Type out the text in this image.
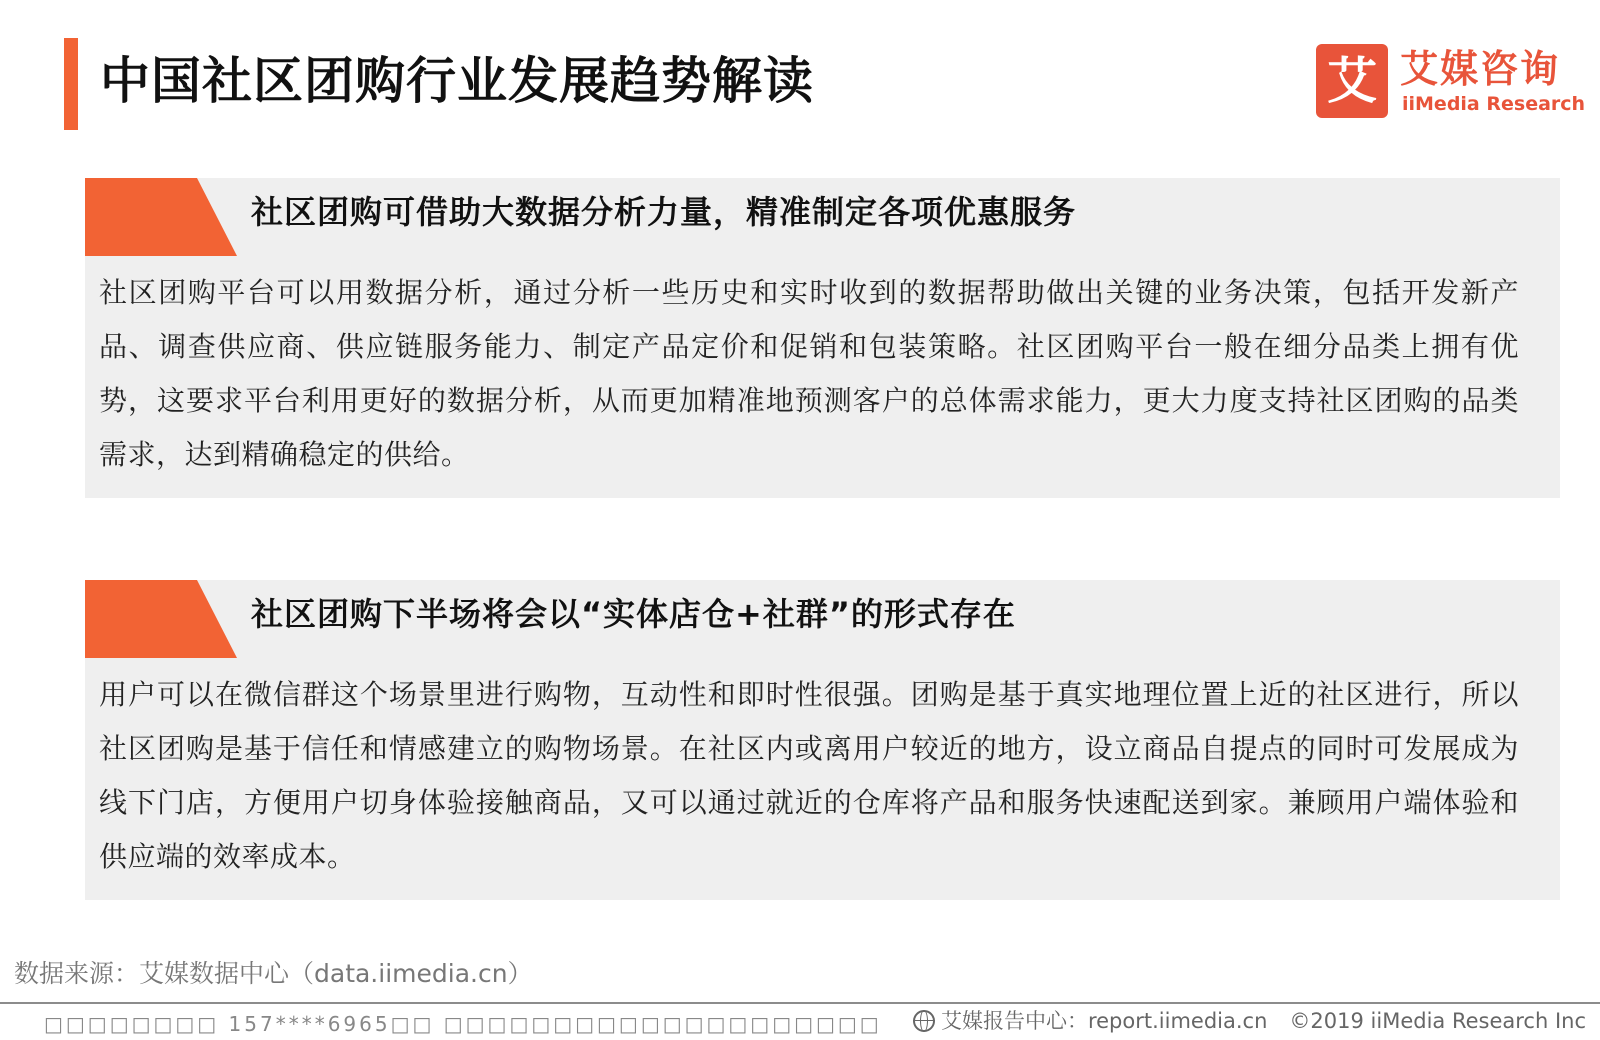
中国社区团购行业发展趋势解读	艾 艾媒咨询
iiMedia Research
社区团购可借助大数据分析力量，精准制定各项优惠服务
社区团购平台可以用数据分析，通过分析一些历史和实时收到的数据帮助做出关键的业务决策，包括开发新产品、调查供应商、供应链服务能力、制定产品定价和促销和包装策略。社区团购平台一般在细分品类上拥有优势，这要求平台利用更好的数据分析，从而更加精准地预测客户的总体需求能力，更大力度支持社区团购的品类需求，达到精确稳定的供给。
社区团购下半场将会以“实体店仓+社群”的形式存在
用户可以在微信群这个场景里进行购物，互动性和即时性很强。团购是基于真实地理位置上近的社区进行，所以社区团购是基于信任和情感建立的购物场景。在社区内或离用户较近的地方，设立商品自提点的同时可发展成为线下门店，方便用户切身体验接触商品，又可以通过就近的仓库将产品和服务快速配送到家。兼顾用户端体验和供应端的效率成本。
数据来源：艾媒数据中心（data.iimedia.cn）
□□□□□□□□ 157****6965□□ □□□□□□□□□□□□□□□□□□□□	艾媒报告中心：report.iimedia.cn ©2019 iiMedia Research Inc
